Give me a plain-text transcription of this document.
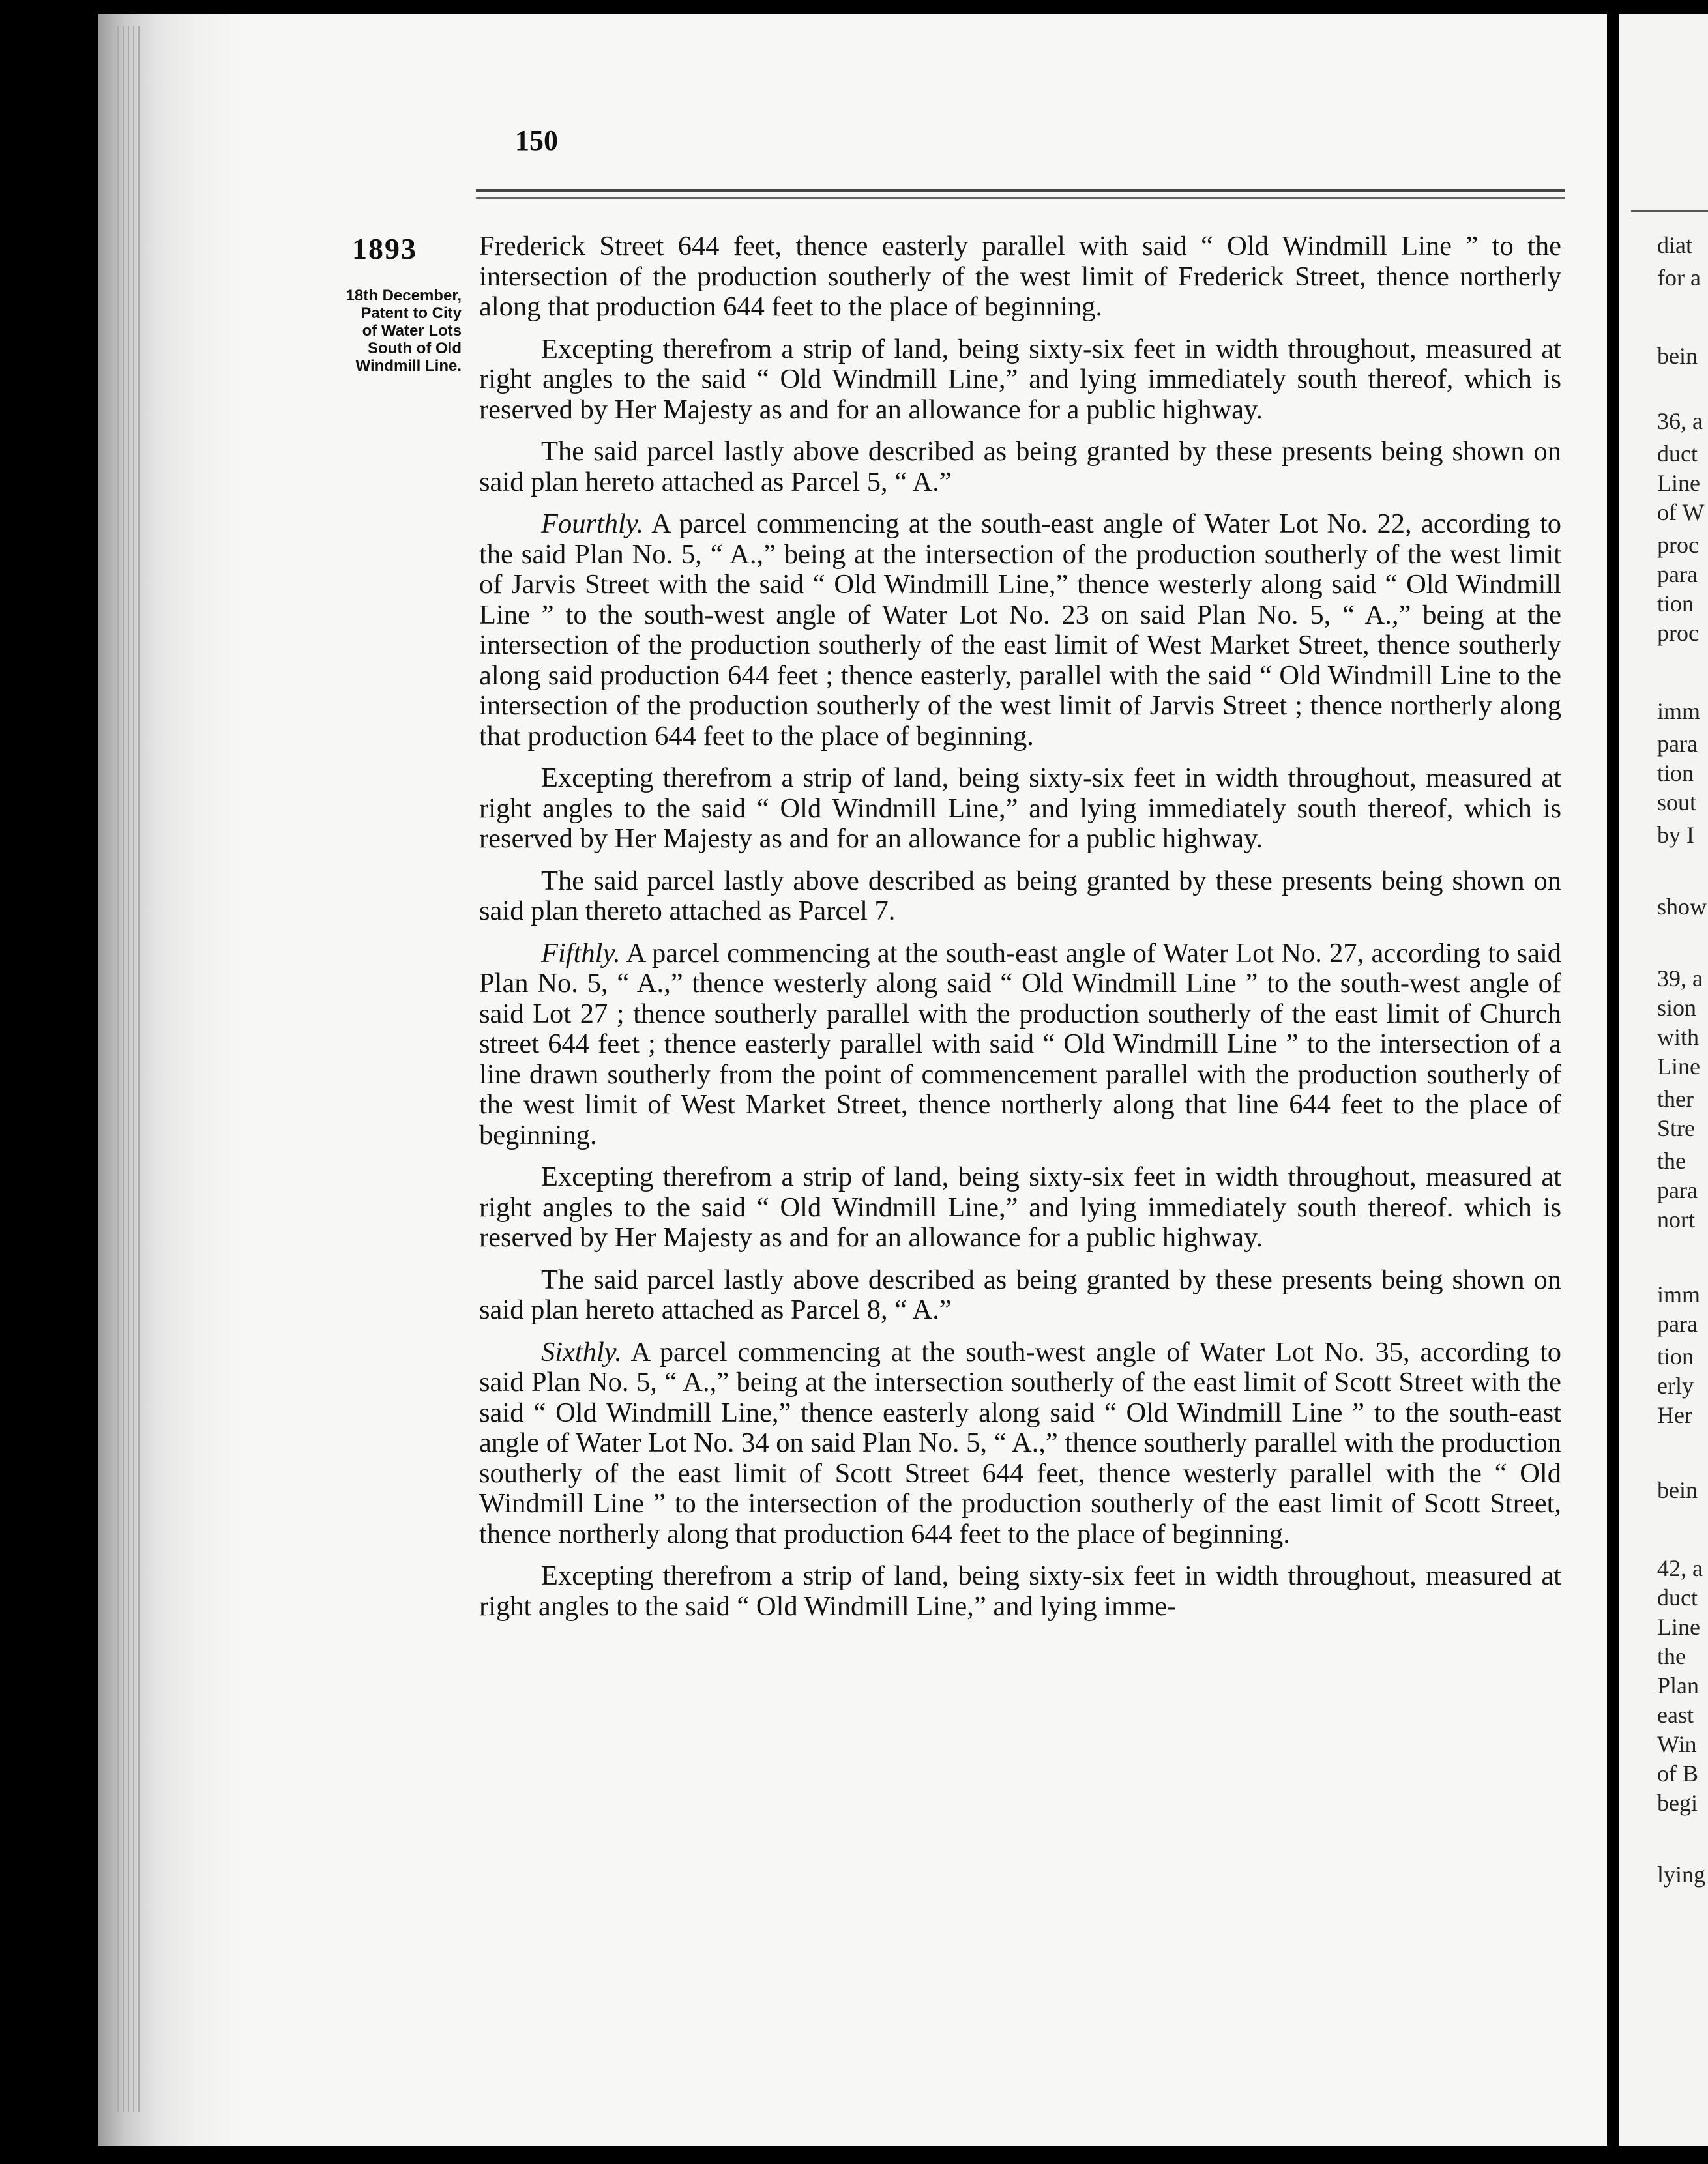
diat
for a
bein
36, a
duct
Line
of W
proc
para
tion
proc
imm
para
tion
sout
by I
show
39, a
sion
with
Line
ther
Stre
the
para
nort
imm
para
tion
erly
Her
bein
42, a
duct
Line
the
Plan
east
Win
of B
begi
lying
150
1893
18th December,
Patent to City
of Water Lots
South of Old
Windmill Line.

Frederick Street 644 feet, thence easterly parallel with said “ Old Windmill Line ” to the intersection of the production southerly of the west limit of Frederick Street, thence northerly along that production 644 feet to the place of beginning.

Excepting therefrom a strip of land, being sixty-six feet in width throughout, measured at right angles to the said “ Old Windmill Line,” and lying immediately south thereof, which is reserved by Her Majesty as and for an allowance for a public highway.

The said parcel lastly above described as being granted by these presents being shown on said plan hereto attached as Parcel 5, “ A.”

Fourthly. A parcel commencing at the south-east angle of Water Lot No. 22, according to the said Plan No. 5, “ A.,” being at the intersection of the production southerly of the west limit of Jarvis Street with the said “ Old Windmill Line,” thence westerly along said “ Old Windmill Line ” to the south-west angle of Water Lot No. 23 on said Plan No. 5, “ A.,” being at the intersection of the production southerly of the east limit of West Market Street, thence southerly along said production 644 feet ; thence easterly, parallel with the said “ Old Windmill Line to the intersection of the production southerly of the west limit of Jarvis Street ; thence northerly along that production 644 feet to the place of beginning.

Excepting therefrom a strip of land, being sixty-six feet in width throughout, measured at right angles to the said “ Old Windmill Line,” and lying immediately south thereof, which is reserved by Her Majesty as and for an allowance for a public highway.

The said parcel lastly above described as being granted by these presents being shown on said plan thereto attached as Parcel 7.

Fifthly. A parcel commencing at the south-east angle of Water Lot No. 27, according to said Plan No. 5, “ A.,” thence westerly along said “ Old Windmill Line ” to the south-west angle of said Lot 27 ; thence southerly parallel with the production southerly of the east limit of Church street 644 feet ; thence easterly parallel with said “ Old Windmill Line ” to the intersection of a line drawn southerly from the point of commencement parallel with the production southerly of the west limit of West Market Street, thence northerly along that line 644 feet to the place of beginning.

Excepting therefrom a strip of land, being sixty-six feet in width throughout, measured at right angles to the said “ Old Windmill Line,” and lying immediately south thereof. which is reserved by Her Majesty as and for an allowance for a public highway.

The said parcel lastly above described as being granted by these presents being shown on said plan hereto attached as Parcel 8, “ A.”

Sixthly. A parcel commencing at the south-west angle of Water Lot No. 35, according to said Plan No. 5, “ A.,” being at the intersection southerly of the east limit of Scott Street with the said “ Old Windmill Line,” thence easterly along said “ Old Windmill Line ” to the south-east angle of Water Lot No. 34 on said Plan No. 5, “ A.,” thence southerly parallel with the production southerly of the east limit of Scott Street 644 feet, thence westerly parallel with the “ Old Windmill Line ” to the intersection of the production southerly of the east limit of Scott Street, thence northerly along that production 644 feet to the place of beginning.

Excepting therefrom a strip of land, being sixty-six feet in width throughout, measured at right angles to the said “ Old Windmill Line,” and lying imme-
